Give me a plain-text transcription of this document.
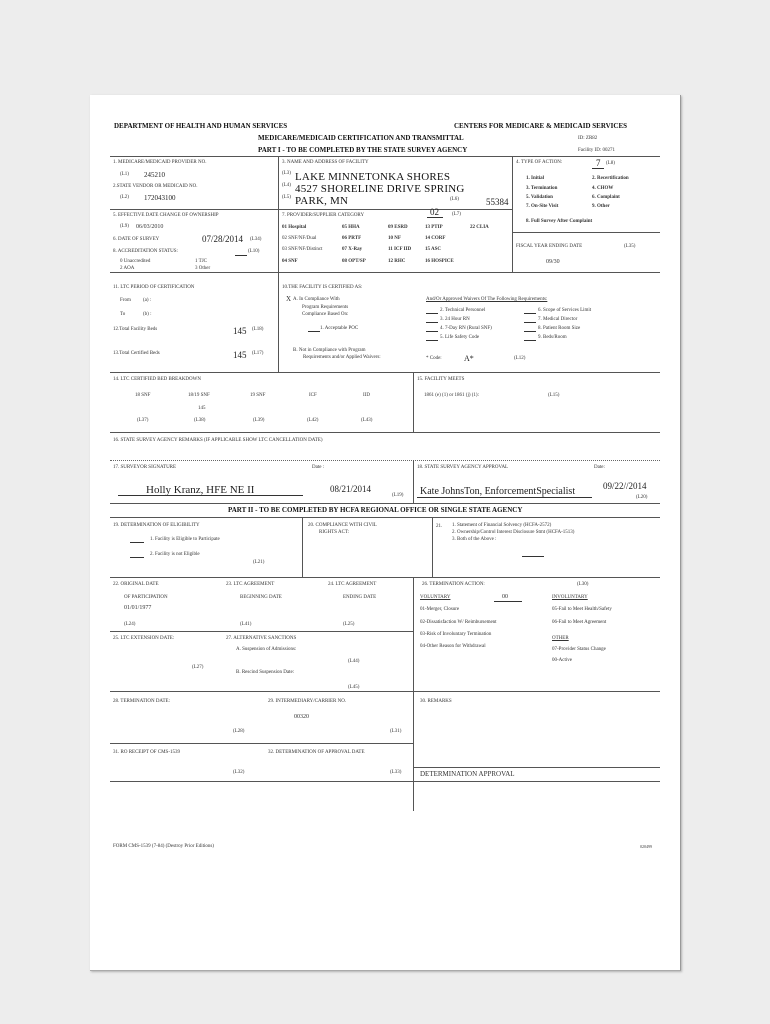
DEPARTMENT OF HEALTH AND HUMAN SERVICES	CENTERS FOR MEDICARE & MEDICAID SERVICES
MEDICARE/MEDICAID CERTIFICATION AND TRANSMITTAL	ID: ZR82
PART I - TO BE COMPLETED BY THE STATE SURVEY AGENCY	Facility ID: 00271
1. MEDICARE/MEDICAID PROVIDER NO.
(L1) 245210
2.STATE VENDOR OR MEDICAID NO.
(L2) 172043100
3. NAME AND ADDRESS OF FACILITY
(L3) LAKE MINNETONKA SHORES
(L4) 4527 SHORELINE DRIVE SPRING
(L5) PARK, MN	(L6)	55384
4. TYPE OF ACTION:	7 (L8)
1. Initial	2. Recertification
3. Termination	4. CHOW
5. Validation	6. Complaint
7. On-Site Visit	9. Other
8. Full Survey After Complaint
5. EFFECTIVE DATE CHANGE OF OWNERSHIP
(L9) 06/03/2010
6. DATE OF SURVEY	07/28/2014 (L34)
8. ACCREDITATION STATUS:	(L10)
0 Unaccredited	1 TJC
2 AOA	3 Other
7. PROVIDER/SUPPLIER CATEGORY	02	(L7)
01 Hospital	05 HHA	09 ESRD	13 PTIP	22 CLIA
02 SNF/NF/Dual	06 PRTF	10 NF	14 CORF
03 SNF/NF/Distinct	07 X-Ray	11 ICF IID	15 ASC
04 SNF	08 OPT/SP	12 RHC	16 HOSPICE
FISCAL YEAR ENDING DATE	(L35)
09/30
11. LTC PERIOD OF CERTIFICATION
From (a) :
To	(b) :
12.Total Facility Beds	145 (L18)
13.Total Certified Beds	145 (L17)
10.THE FACILITY IS CERTIFIED AS:
X A. In Compliance With
Program Requirements
Compliance Based On:
1. Acceptable POC
B. Not in Compliance with Program
Requirements and/or Applied Waivers:
And/Or Approved Waivers Of The Following Requirements:
2. Technical Personnel
3. 24 Hour RN
4. 7-Day RN (Rural SNF)
5. Life Safety Code
6. Scope of Services Limit
7. Medical Director
8. Patient Room Size
9. Beds/Room
* Code:	A*	(L12)
14. LTC CERTIFIED BED BREAKDOWN
18 SNF	18/19 SNF	19 SNF	ICF	IID
145
(L37)	(L38)	(L39)	(L42)	(L43)
15. FACILITY MEETS
1861 (e) (1) or 1861 (j) (1):	(L15)
16. STATE SURVEY AGENCY REMARKS (IF APPLICABLE SHOW LTC CANCELLATION DATE)
17. SURVEYOR SIGNATURE	Date :
Holly Kranz, HFE NE II	08/21/2014
(L19)
18. STATE SURVEY AGENCY APPROVAL	Date:
Kate JohnsTon, EnforcementSpecialist	09/22//2014
(L20)
PART II - TO BE COMPLETED BY HCFA REGIONAL OFFICE OR SINGLE STATE AGENCY
19. DETERMINATION OF ELIGIBILITY
1. Facility is Eligible to Participate
2. Facility is not Eligible
(L21)
20. COMPLIANCE WITH CIVIL
RIGHTS ACT:
21. 1. Statement of Financial Solvency (HCFA-2572)
2. Ownership/Control Interest Disclosure Stmt (HCFA-1513)
3. Both of the Above :
22. ORIGINAL DATE
OF PARTICIPATION
01/01/1977
(L24)
23. LTC AGREEMENT
BEGINNING DATE
(L41)
24. LTC AGREEMENT
ENDING DATE
(L25)
25. LTC EXTENSION DATE:
(L27)
27. ALTERNATIVE SANCTIONS
A. Suspension of Admissions:
(L44)
B. Rescind Suspension Date:
(L45)
26. TERMINATION ACTION:	(L30)
VOLUNTARY	00	INVOLUNTARY
01-Merger, Closure
02-Dissatisfaction W/ Reimbursement
03-Risk of Involuntary Termination
04-Other Reason for Withdrawal
05-Fail to Meet Health/Safety
06-Fail to Meet Agreement
OTHER
07-Provider Status Change
00-Active
28. TERMINATION DATE:
(L28)
29. INTERMEDIARY/CARRIER NO.
00320
(L31)
30. REMARKS
31. RO RECEIPT OF CMS-1539
(L32)
32. DETERMINATION OF APPROVAL DATE
(L33)	DETERMINATION APPROVAL
FORM CMS-1539 (7-84) (Destroy Prior Editions)	020499
